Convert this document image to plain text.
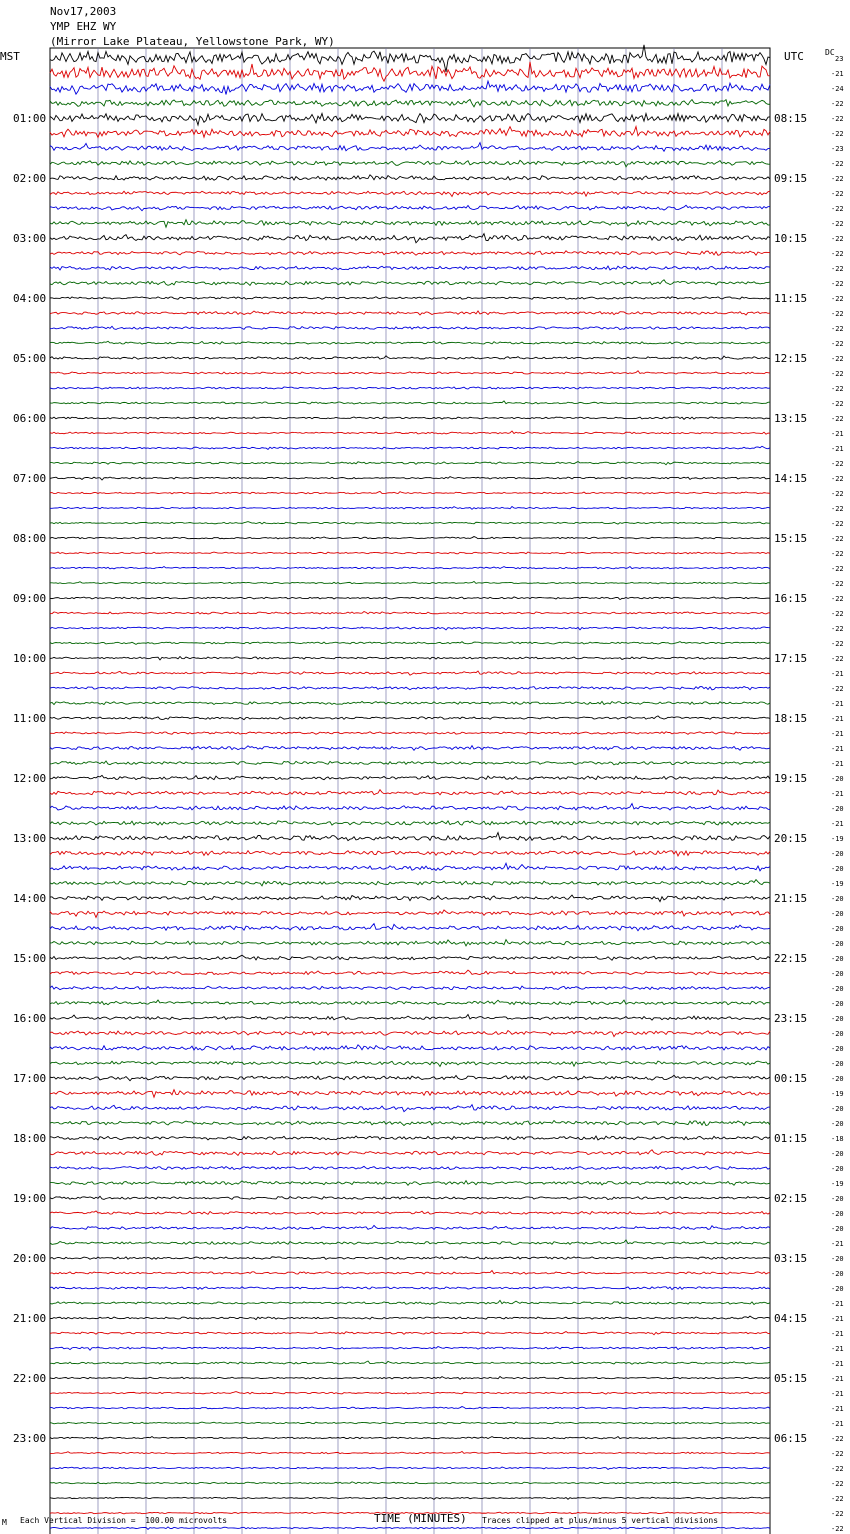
Nov17,2003
YMP EHZ WY
(Mirror Lake Plateau, Yellowstone Park, WY)
MST	UTC	DC
01:00
02:00
03:00
04:00
05:00
06:00
07:00
08:00
09:00
10:00
11:00
12:00
13:00
14:00
15:00
16:00
17:00
18:00
19:00
20:00
21:00
22:00
23:00
08:15
09:15
10:15
11:15
12:15
13:15
14:15
15:15
16:15
17:15
18:15
19:15
20:15
21:15
22:15
23:15
00:15
01:15
02:15
03:15
04:15
05:15
06:15
23
-21
-24
-22
-22
-22
-23
-22
-22
-22
-22
-22
-22
-22
-22
-22
-22
-22
-22
-22
-22
-22
-22
-22
-22
-21
-21
-22
-22
-22
-22
-22
-22
-22
-22
-22
-22
-22
-22
-22
-22
-21
-22
-21
-21
-21
-21
-21
-20
-21
-20
-21
-19
-20
-20
-19
-20
-20
-20
-20
-20
-20
-20
-20
-20
-20
-20
-20
-20
-19
-20
-20
-18
-20
-20
-19
-20
-20
-20
-21
-20
-20
-20
-21
-21
-21
-21
-21
-21
-21
-21
-21
-22
-22
-22
-22
-22
-22
-22
TIME (MINUTES)
M Each Vertical Division =  100.00 microvolts	Traces clipped at plus/minus 5 vertical divisions
